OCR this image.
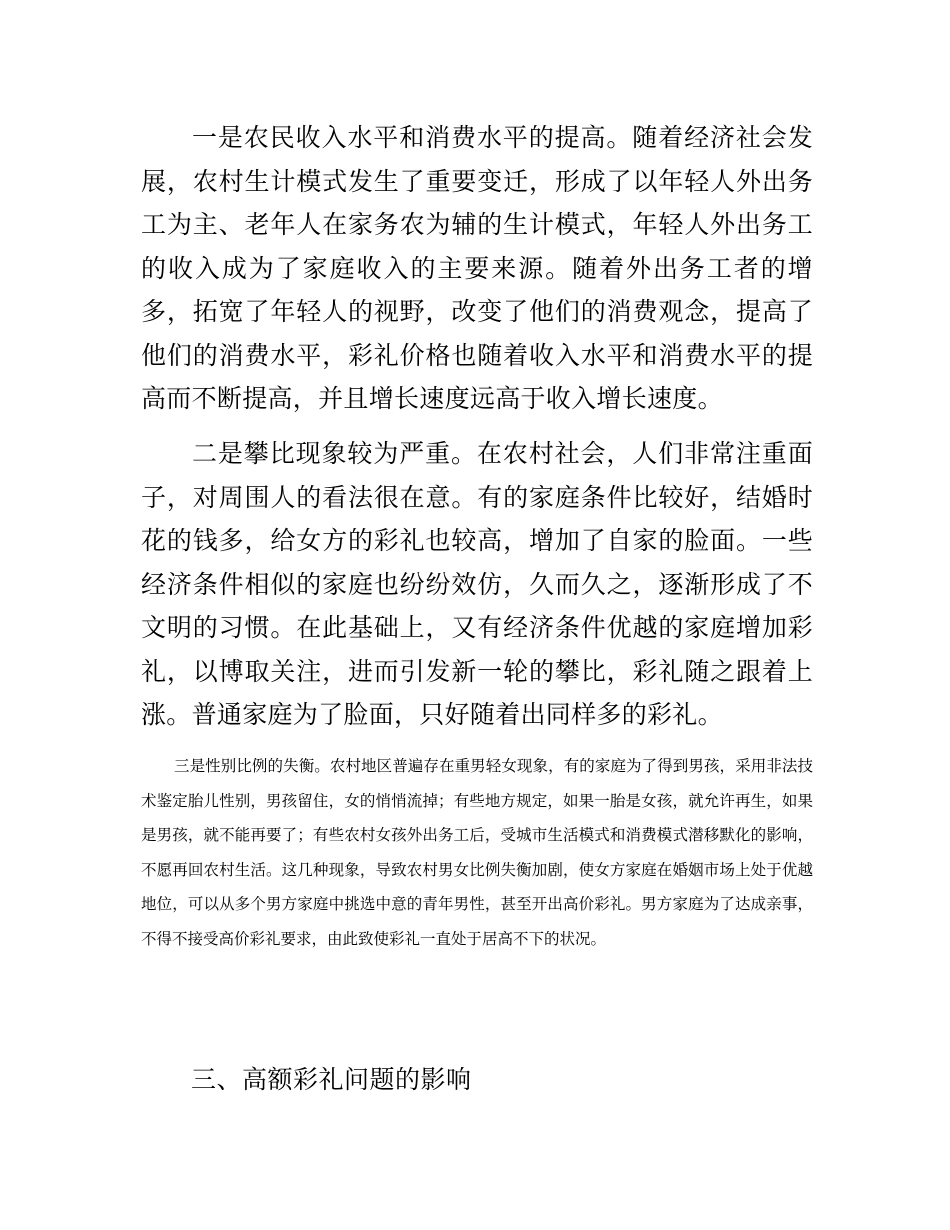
一是农民收入水平和消费水平的提高。随着经济社会发展，农村生计模式发生了重要变迁，形成了以年轻人外出务工为主、老年人在家务农为辅的生计模式，年轻人外出务工的收入成为了家庭收入的主要来源。随着外出务工者的增多，拓宽了年轻人的视野，改变了他们的消费观念，提高了他们的消费水平，彩礼价格也随着收入水平和消费水平的提高而不断提高，并且增长速度远高于收入增长速度。

二是攀比现象较为严重。在农村社会，人们非常注重面子，对周围人的看法很在意。有的家庭条件比较好，结婚时花的钱多，给女方的彩礼也较高，增加了自家的脸面。一些经济条件相似的家庭也纷纷效仿，久而久之，逐渐形成了不文明的习惯。在此基础上，又有经济条件优越的家庭增加彩礼，以博取关注，进而引发新一轮的攀比，彩礼随之跟着上涨。普通家庭为了脸面，只好随着出同样多的彩礼。

三是性别比例的失衡。农村地区普遍存在重男轻女现象，有的家庭为了得到男孩，采用非法技术鉴定胎儿性别，男孩留住，女的悄悄流掉；有些地方规定，如果一胎是女孩，就允许再生，如果是男孩，就不能再要了；有些农村女孩外出务工后，受城市生活模式和消费模式潜移默化的影响，不愿再回农村生活。这几种现象，导致农村男女比例失衡加剧，使女方家庭在婚姻市场上处于优越地位，可以从多个男方家庭中挑选中意的青年男性，甚至开出高价彩礼。男方家庭为了达成亲事，不得不接受高价彩礼要求，由此致使彩礼一直处于居高不下的状况。

三、高额彩礼问题的影响
